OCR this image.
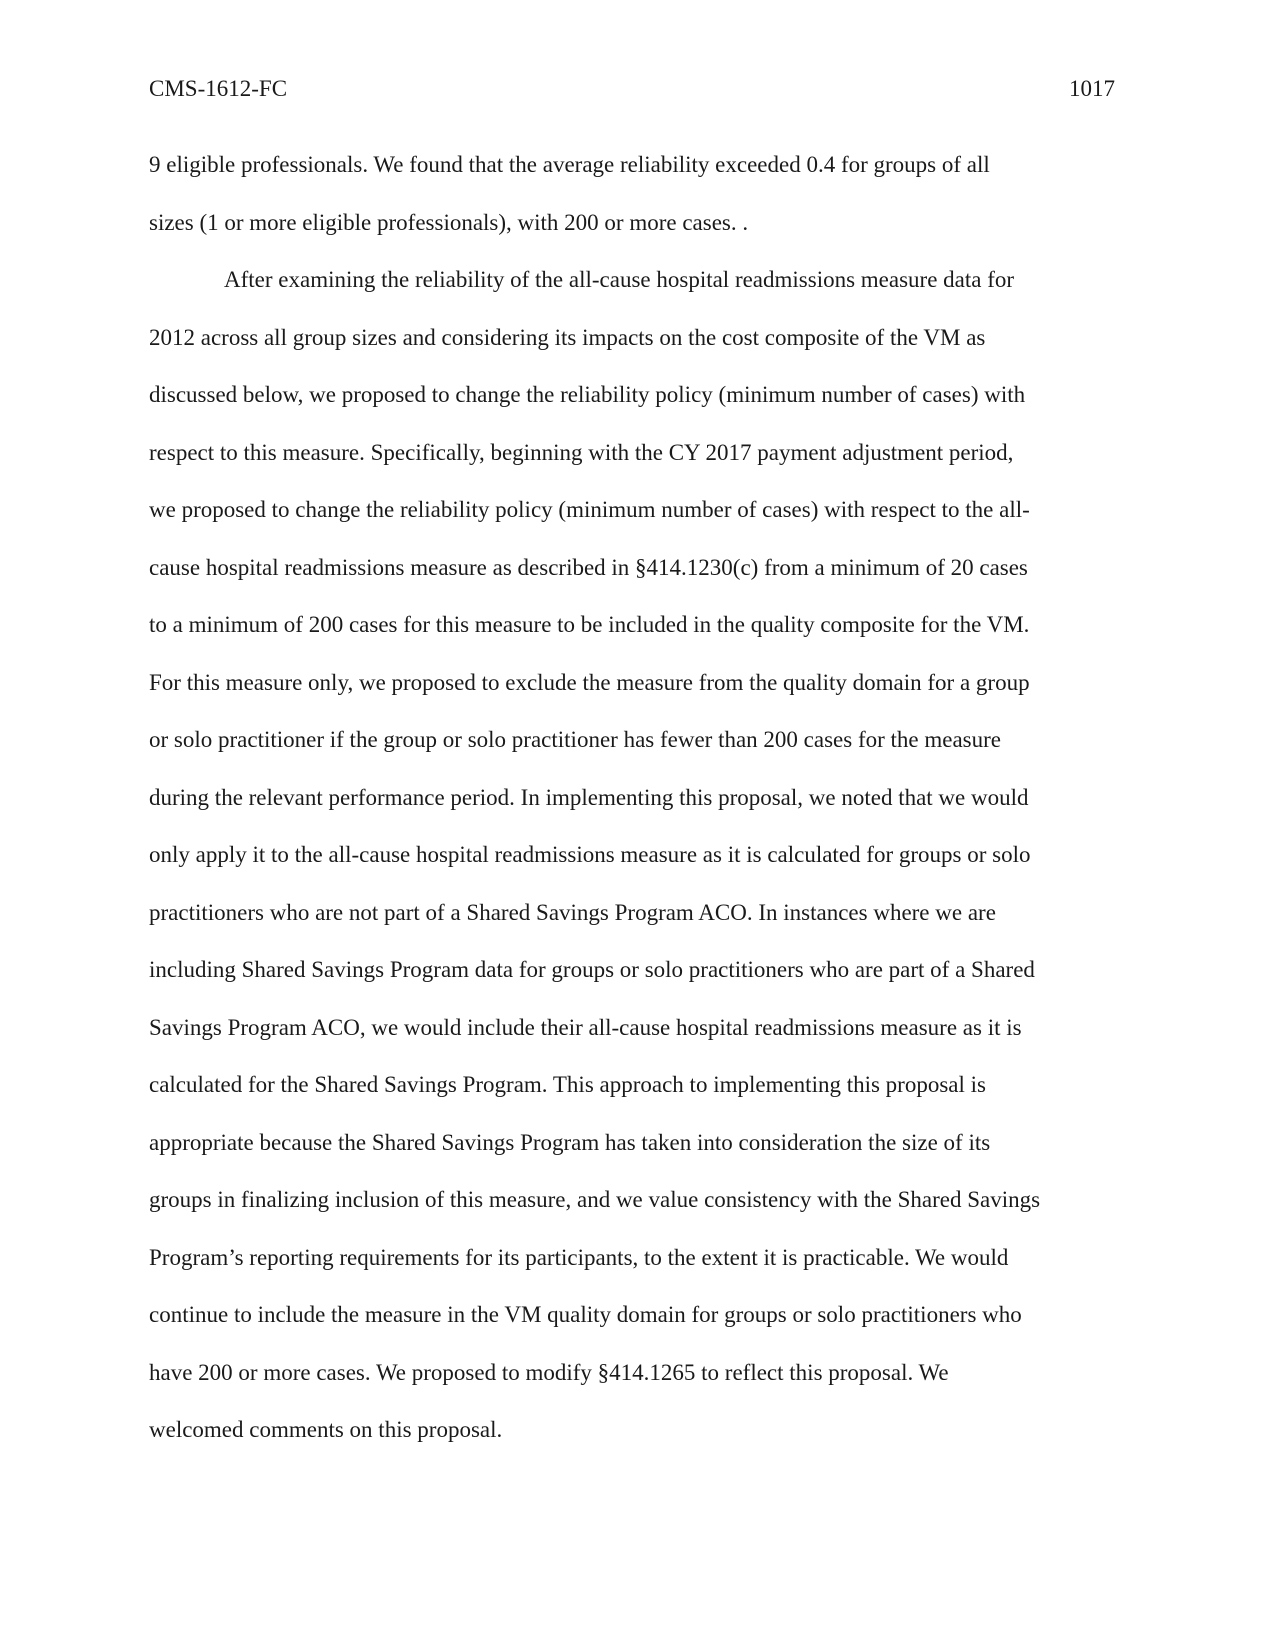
CMS-1612-FC	1017
9 eligible professionals. We found that the average reliability exceeded 0.4 for groups of all
sizes (1 or more eligible professionals), with 200 or more cases. .
After examining the reliability of the all-cause hospital readmissions measure data for
2012 across all group sizes and considering its impacts on the cost composite of the VM as
discussed below, we proposed to change the reliability policy (minimum number of cases) with
respect to this measure. Specifically, beginning with the CY 2017 payment adjustment period,
we proposed to change the reliability policy (minimum number of cases) with respect to the all-
cause hospital readmissions measure as described in §414.1230(c) from a minimum of 20 cases
to a minimum of 200 cases for this measure to be included in the quality composite for the VM.
For this measure only, we proposed to exclude the measure from the quality domain for a group
or solo practitioner if the group or solo practitioner has fewer than 200 cases for the measure
during the relevant performance period. In implementing this proposal, we noted that we would
only apply it to the all-cause hospital readmissions measure as it is calculated for groups or solo
practitioners who are not part of a Shared Savings Program ACO. In instances where we are
including Shared Savings Program data for groups or solo practitioners who are part of a Shared
Savings Program ACO, we would include their all-cause hospital readmissions measure as it is
calculated for the Shared Savings Program. This approach to implementing this proposal is
appropriate because the Shared Savings Program has taken into consideration the size of its
groups in finalizing inclusion of this measure, and we value consistency with the Shared Savings
Program’s reporting requirements for its participants, to the extent it is practicable. We would
continue to include the measure in the VM quality domain for groups or solo practitioners who
have 200 or more cases. We proposed to modify §414.1265 to reflect this proposal. We
welcomed comments on this proposal.
